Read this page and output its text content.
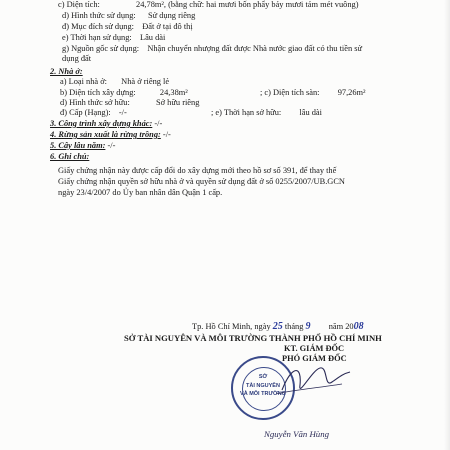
c) Diện tích:	24,78m², (bằng chữ: hai mươi bốn phẩy bảy mươi tám mét vuông)
d) Hình thức sử dụng: Sử dụng riêng
đ) Mục đích sử dụng: Đất ở tại đô thị
e) Thời hạn sử dụng: Lâu dài
g) Nguồn gốc sử dụng: Nhận chuyển nhượng đất được Nhà nước giao đất có thu tiền sử
dụng đất
2. Nhà ở:
a) Loại nhà ở: Nhà ở riêng lẻ
b) Diện tích xây dựng:	24,38m²	; c) Diện tích sàn: 97,26m²
d) Hình thức sở hữu:	Sở hữu riêng
đ) Cấp (Hạng): -/-	; e) Thời hạn sở hữu: lâu dài
3. Công trình xây dựng khác: -/-
4. Rừng sản xuất là rừng trồng: -/-
5. Cây lâu năm: -/-
6. Ghi chú:
Giấy chứng nhận này được cấp đổi do xây dựng mới theo hồ sơ số 391, để thay thế
Giấy chứng nhận quyền sở hữu nhà ở và quyền sử dụng đất ở số 0255/2007/UB.GCN
ngày 23/4/2007 do Ủy ban nhân dân Quận 1 cấp.
Tp. Hồ Chí Minh, ngày 25 tháng 9 năm 2008
SỞ TÀI NGUYÊN VÀ MÔI TRƯỜNG THÀNH PHỐ HỒ CHÍ MINH
KT. GIÁM ĐỐC
PHÓ GIÁM ĐỐC
SỞ
TÀI NGUYÊN
VÀ MÔI TRƯỜNG
Nguyễn Văn Hùng
